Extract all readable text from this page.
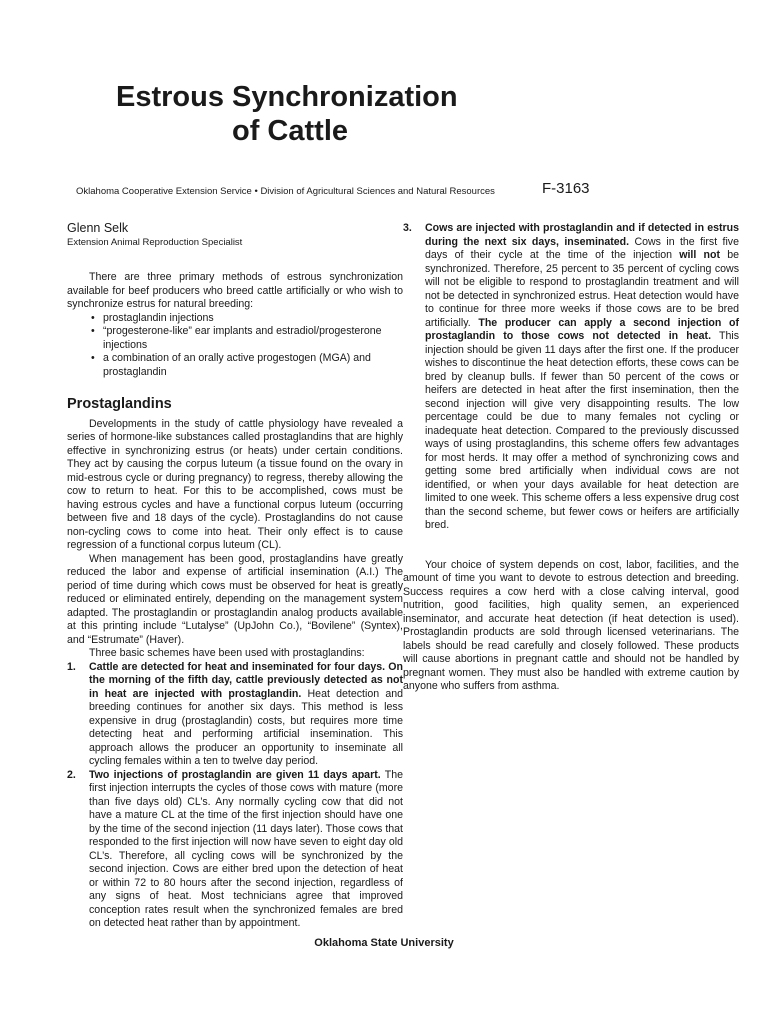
Estrous Synchronization
of Cattle
Oklahoma Cooperative Extension Service • Division of Agricultural Sciences and Natural Resources	F-3163
Glenn Selk
Extension Animal Reproduction Specialist

There are three primary methods of estrous synchronization available for beef producers who breed cattle artificially or who wish to synchronize estrus for natural breeding:

• prostaglandin injections
• “progesterone-like” ear implants and estradiol/progesterone injections
• a combination of an orally active progestogen (MGA) and prostaglandin
Prostaglandins

Developments in the study of cattle physiology have revealed a series of hormone-like substances called prostaglandins that are highly effective in synchronizing estrus (or heats) under certain conditions. They act by causing the corpus luteum (a tissue found on the ovary in mid-estrous cycle or during pregnancy) to regress, thereby allowing the cow to return to heat. For this to be accomplished, cows must be having estrous cycles and have a functional corpus luteum (occurring between five and 18 days of the cycle). Prostaglandins do not cause non-cycling cows to come into heat. Their only effect is to cause regression of a functional corpus luteum (CL).

When management has been good, prostaglandins have greatly reduced the labor and expense of artificial insemination (A.I.) The period of time during which cows must be observed for heat is greatly reduced or eliminated entirely, depending on the management system adapted. The prostaglandin or prostaglandin analog products available at this printing include “Lutalyse” (UpJohn Co.), “Bovilene” (Syntex), and “Estrumate” (Haver).

Three basic schemes have been used with prostaglandins:

1. Cattle are detected for heat and inseminated for four days. On the morning of the fifth day, cattle previously detected as not in heat are injected with prostaglandin. Heat detection and breeding continues for another six days. This method is less expensive in drug (prostaglandin) costs, but requires more time detecting heat and performing artificial insemination. This approach allows the producer an opportunity to inseminate all cycling females within a ten to twelve day period.
2. Two injections of prostaglandin are given 11 days apart. The first injection interrupts the cycles of those cows with mature (more than five days old) CL’s. Any normally cycling cow that did not have a mature CL at the time of the first injection should have one by the time of the second injection (11 days later). Those cows that responded to the first injection will now have seven to eight day old CL’s. Therefore, all cycling cows will be synchronized by the second injection. Cows are either bred upon the detection of heat or within 72 to 80 hours after the second injection, regardless of any signs of heat. Most technicians agree that improved conception rates result when the synchronized females are bred on detected heat rather than by appointment.
3. Cows are injected with prostaglandin and if detected in estrus during the next six days, inseminated. Cows in the first five days of their cycle at the time of the injection will not be synchronized. Therefore, 25 percent to 35 percent of cycling cows will not be eligible to respond to prostaglandin treatment and will not be detected in synchronized estrus. Heat detection would have to continue for three more weeks if those cows are to be bred artificially. The producer can apply a second injection of prostaglandin to those cows not detected in heat. This injection should be given 11 days after the first one. If the producer wishes to discontinue the heat detection efforts, these cows can be bred by cleanup bulls. If fewer than 50 percent of the cows or heifers are detected in heat after the first insemination, then the second injection will give very disappointing results. The low percentage could be due to many females not cycling or inadequate heat detection. Compared to the previously discussed ways of using prostaglandins, this scheme offers few advantages for most herds. It may offer a method of synchronizing cows and getting some bred artificially when individual cows are not identified, or when your days available for heat detection are limited to one week. This scheme offers a less expensive drug cost than the second scheme, but fewer cows or heifers are artificially bred.

Your choice of system depends on cost, labor, facilities, and the amount of time you want to devote to estrous detection and breeding. Success requires a cow herd with a close calving interval, good nutrition, good facilities, high quality semen, an experienced inseminator, and accurate heat detection (if heat detection is used). Prostaglandin products are sold through licensed veterinarians. The labels should be read carefully and closely followed. These products will cause abortions in pregnant cattle and should not be handled by pregnant women. They must also be handled with extreme caution by anyone who suffers from asthma.

Oklahoma State University
